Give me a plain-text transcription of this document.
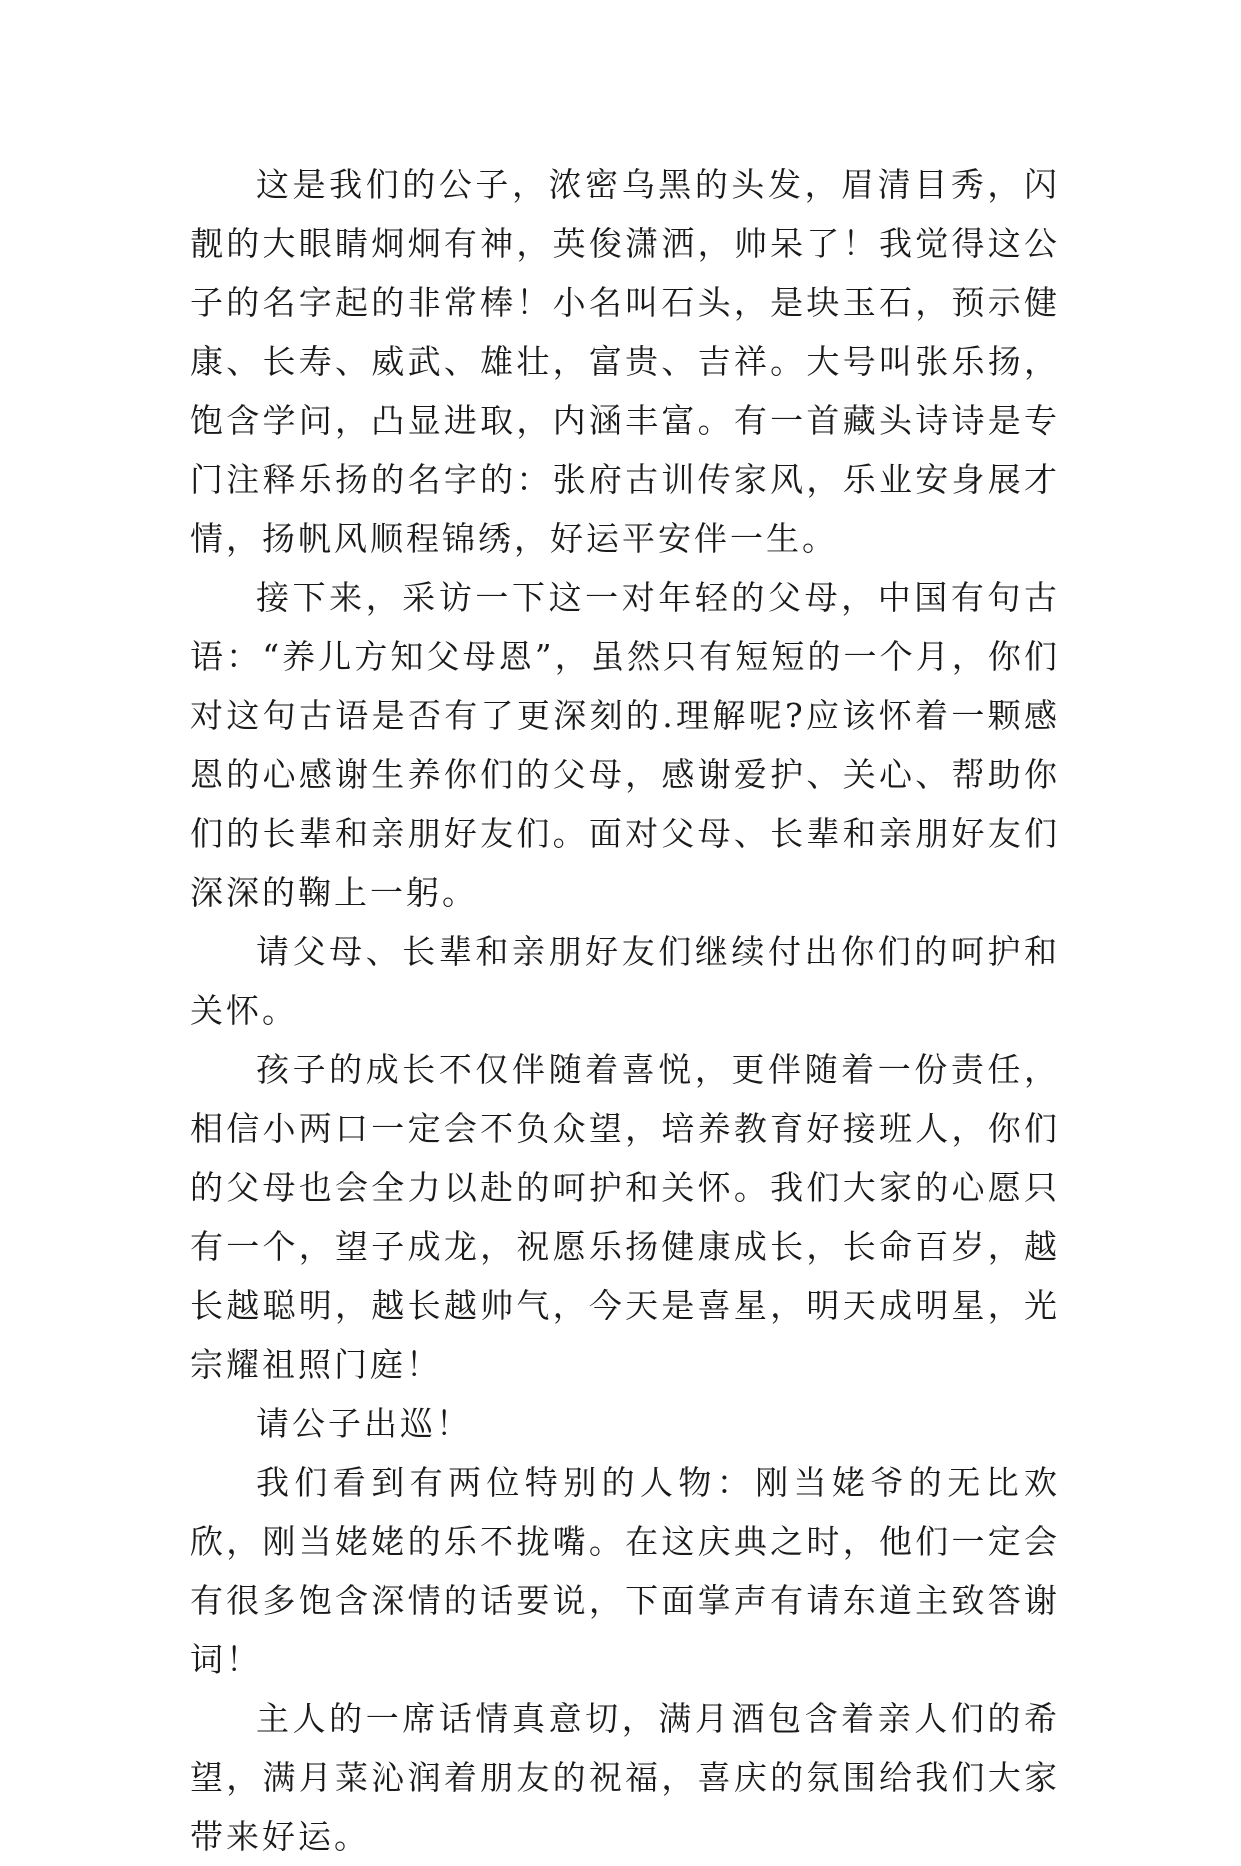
这是我们的公子，浓密乌黑的头发，眉清目秀，闪靓的大眼睛炯炯有神，英俊潇洒，帅呆了！我觉得这公子的名字起的非常棒！小名叫石头，是块玉石，预示健康、长寿、威武、雄壮，富贵、吉祥。大号叫张乐扬，饱含学问，凸显进取，内涵丰富。有一首藏头诗诗是专门注释乐扬的名字的：张府古训传家风，乐业安身展才情，扬帆风顺程锦绣，好运平安伴一生。

接下来，采访一下这一对年轻的父母，中国有句古语：“养儿方知父母恩”，虽然只有短短的一个月，你们对这句古语是否有了更深刻的.理解呢?应该怀着一颗感恩的心感谢生养你们的父母，感谢爱护、关心、帮助你们的长辈和亲朋好友们。面对父母、长辈和亲朋好友们深深的鞠上一躬。

请父母、长辈和亲朋好友们继续付出你们的呵护和关怀。

孩子的成长不仅伴随着喜悦，更伴随着一份责任，相信小两口一定会不负众望，培养教育好接班人，你们的父母也会全力以赴的呵护和关怀。我们大家的心愿只有一个，望子成龙，祝愿乐扬健康成长，长命百岁，越长越聪明，越长越帅气，今天是喜星，明天成明星，光宗耀祖照门庭！

请公子出巡！

我们看到有两位特别的人物：刚当姥爷的无比欢欣，刚当姥姥的乐不拢嘴。在这庆典之时，他们一定会有很多饱含深情的话要说，下面掌声有请东道主致答谢词！

主人的一席话情真意切，满月酒包含着亲人们的希望，满月菜沁润着朋友的祝福，喜庆的氛围给我们大家带来好运。
